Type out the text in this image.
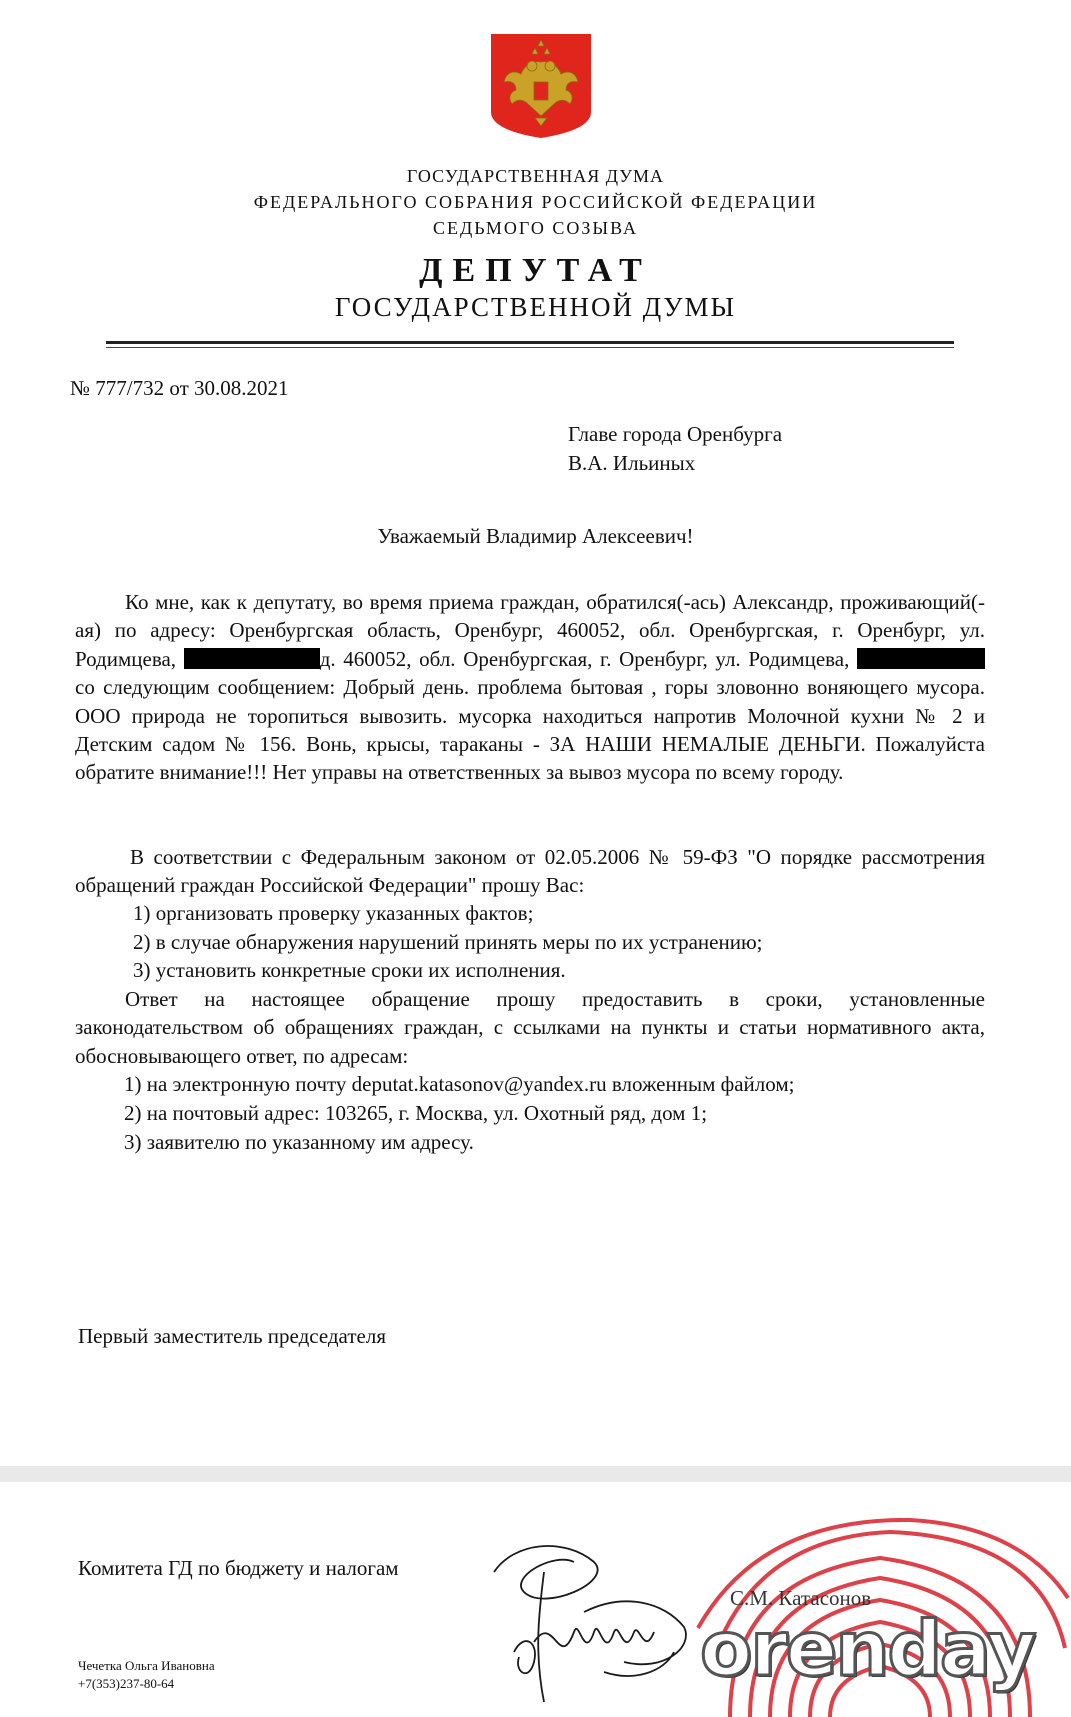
ГОСУДАРСТВЕННАЯ ДУМА
ФЕДЕРАЛЬНОГО СОБРАНИЯ РОССИЙСКОЙ ФЕДЕРАЦИИ
СЕДЬМОГО СОЗЫВА
ДЕПУТАТ
ГОСУДАРСТВЕННОЙ ДУМЫ
№ 777/732 от 30.08.2021
Главе города Оренбурга
В.А. Ильиных
Уважаемый Владимир Алексеевич!
Ко мне, как к депутату, во время приема граждан, обратился(-ась) Александр, проживающий(-ая) по адресу: Оренбургская область, Оренбург, 460052, обл. Оренбургская, г. Оренбург, ул. Родимцева,	д. 460052, обл. Оренбургская, г. Оренбург, ул. Родимцева,  со следующим сообщением: Добрый день. проблема бытовая , горы зловонно воняющего мусора. ООО природа не торопиться вывозить. мусорка находиться напротив Молочной кухни № 2 и Детским садом № 156. Вонь, крысы, тараканы - ЗА НАШИ НЕМАЛЫЕ ДЕНЬГИ. Пожалуйста обратите внимание!!! Нет управы на ответственных за вывоз мусора по всему городу.
В соответствии с Федеральным законом от 02.05.2006 № 59-ФЗ "О порядке рассмотрения обращений граждан Российской Федерации" прошу Вас:
1) организовать проверку указанных фактов;
2) в случае обнаружения нарушений принять меры по их устранению;
3) установить конкретные сроки их исполнения.
Ответ на настоящее обращение прошу предоставить в сроки, установленные законодательством об обращениях граждан, с ссылками на пункты и статьи нормативного акта, обосновывающего ответ, по адресам:
1) на электронную почту deputat.katasonov@yandex.ru вложенным файлом;
2) на почтовый адрес: 103265, г. Москва, ул. Охотный ряд, дом 1;
3) заявителю по указанному им адресу.
Первый заместитель председателя
orenday
Комитета ГД по бюджету и налогам
С.М. Катасонов
Чечетка Ольга Ивановна
+7(353)237-80-64
